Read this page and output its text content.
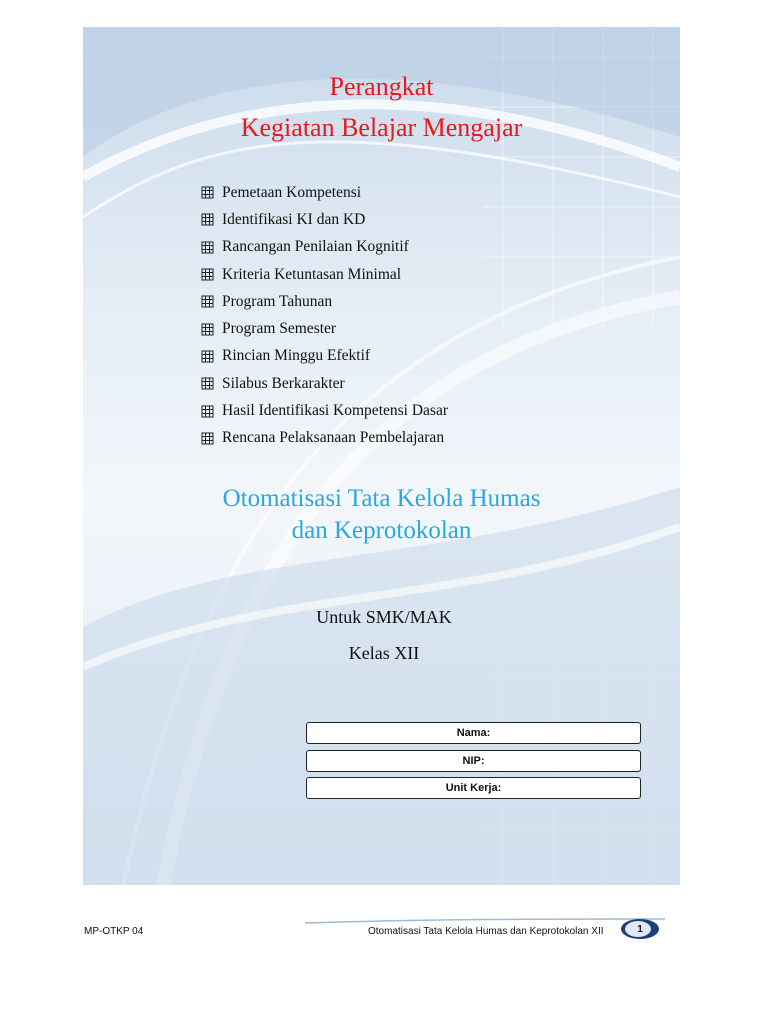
Perangkat
Kegiatan Belajar Mengajar
Pemetaan Kompetensi
Identifikasi KI dan KD
Rancangan Penilaian Kognitif
Kriteria Ketuntasan Minimal
Program Tahunan
Program Semester
Rincian Minggu Efektif
Silabus Berkarakter
Hasil Identifikasi Kompetensi Dasar
Rencana Pelaksanaan Pembelajaran
Otomatisasi Tata Kelola Humas
dan Keprotokolan
Untuk SMK/MAK
Kelas XII
Nama:
NIP:
Unit Kerja:
MP-OTKP 04	Otomatisasi Tata Kelola Humas dan Keprotokolan XII	1
